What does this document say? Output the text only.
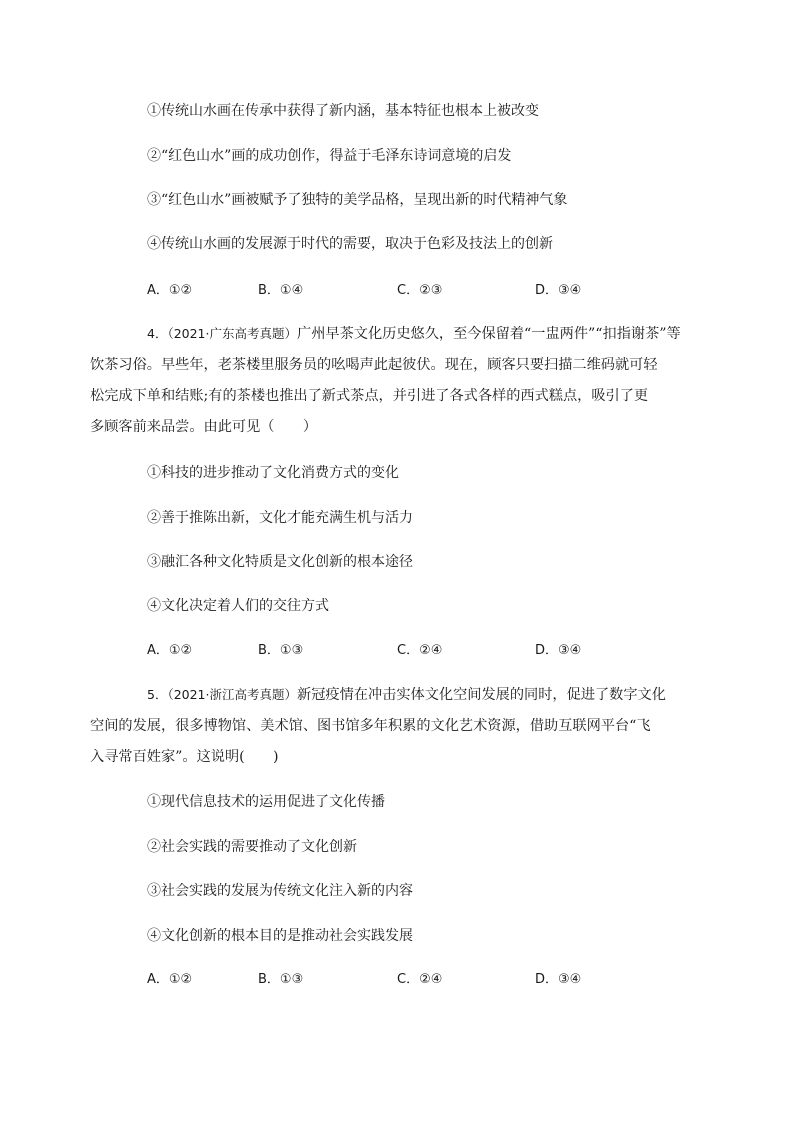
①传统山水画在传承中获得了新内涵，基本特征也根本上被改变
②“红色山水”画的成功创作，得益于毛泽东诗词意境的启发
③“红色山水”画被赋予了独特的美学品格，呈现出新的时代精神气象
④传统山水画的发展源于时代的需要，取决于色彩及技法上的创新
A．①②	B．①④	C．②③	D．③④
4．（2021·广东高考真题）广州早茶文化历史悠久，至今保留着“一盅两件”“扣指谢茶”等
饮茶习俗。早些年，老茶楼里服务员的吆喝声此起彼伏。现在，顾客只要扫描二维码就可轻
松完成下单和结账;有的茶楼也推出了新式茶点，并引进了各式各样的西式糕点，吸引了更
多顾客前来品尝。由此可见（　　）
①科技的进步推动了文化消费方式的变化
②善于推陈出新，文化才能充满生机与活力
③融汇各种文化特质是文化创新的根本途径
④文化决定着人们的交往方式
A．①②	B．①③	C．②④	D．③④
5．（2021·浙江高考真题）新冠疫情在冲击实体文化空间发展的同时，促进了数字文化
空间的发展，很多博物馆、美术馆、图书馆多年积累的文化艺术资源，借助互联网平台“飞
入寻常百姓家”。这说明(　　)
①现代信息技术的运用促进了文化传播
②社会实践的需要推动了文化创新
③社会实践的发展为传统文化注入新的内容
④文化创新的根本目的是推动社会实践发展
A．①②	B．①③	C．②④	D．③④
